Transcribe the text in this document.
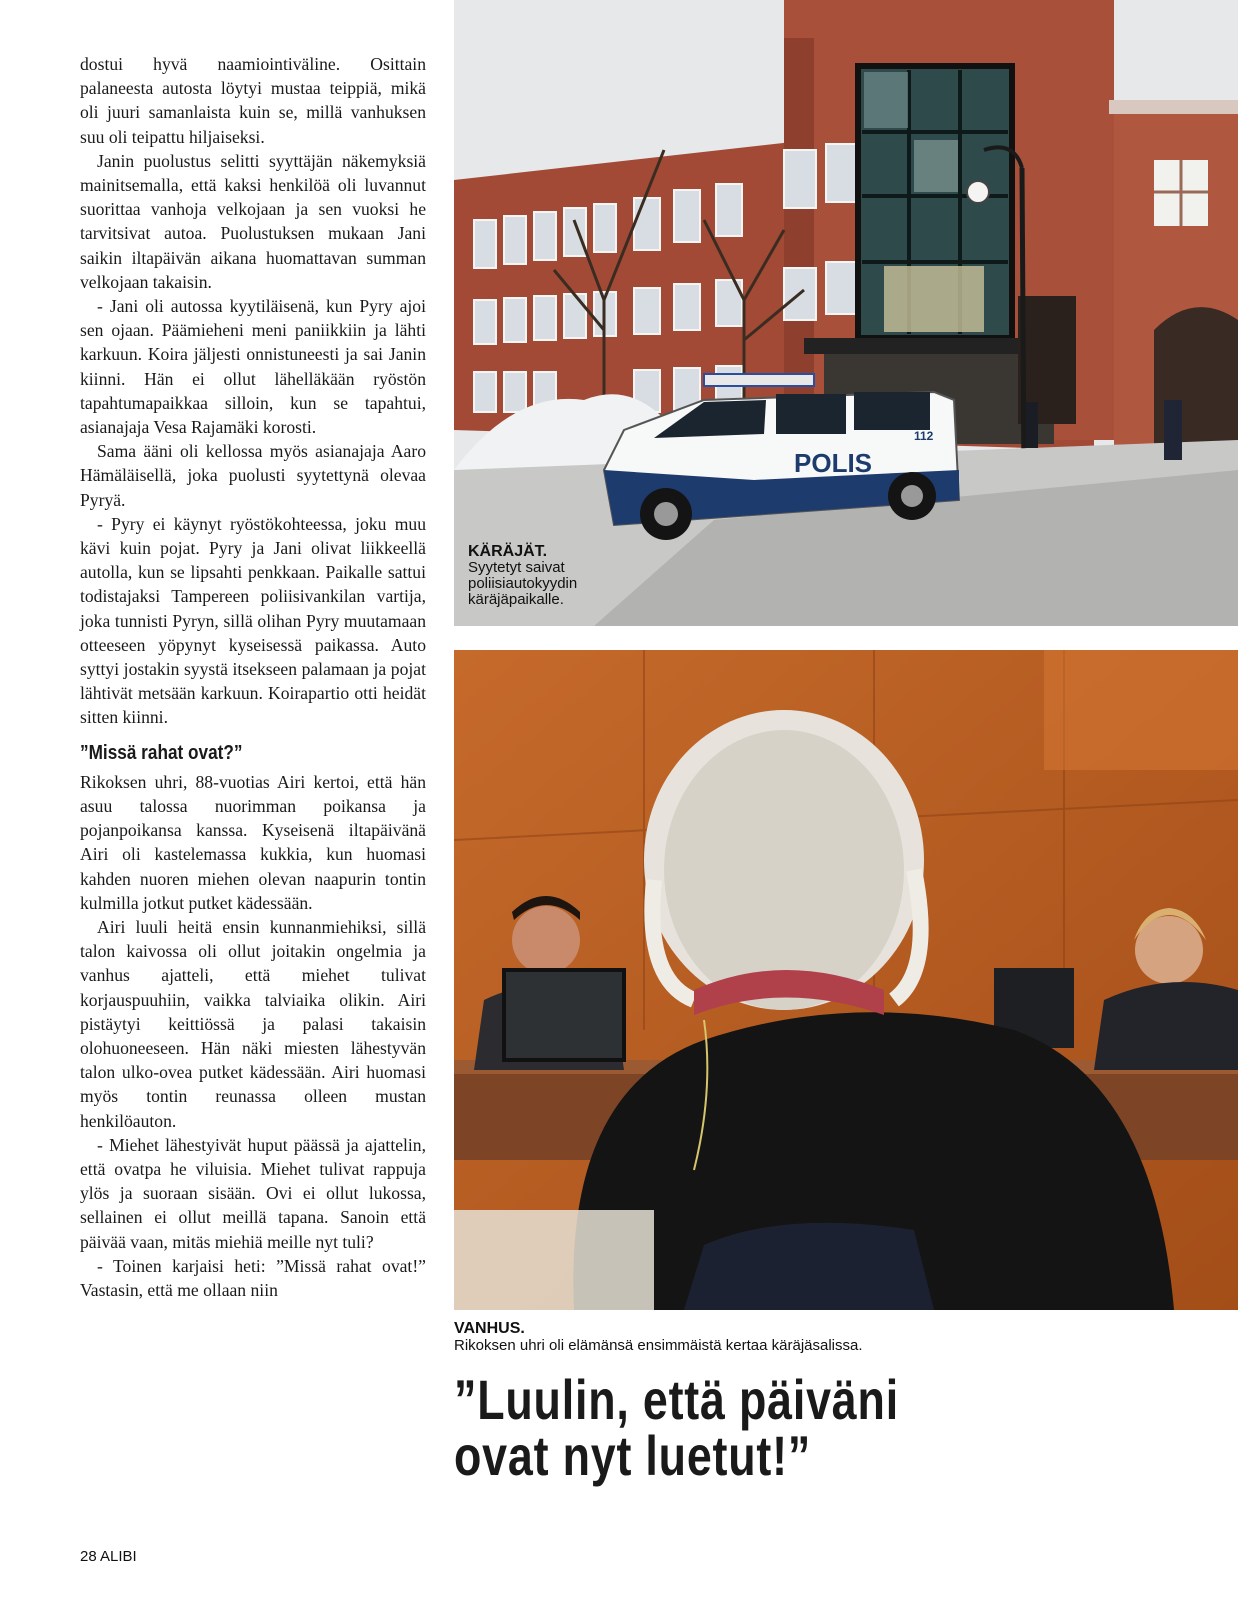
dostui hyvä naamiointiväline. Osittain palaneesta autosta löytyi mustaa teippiä, mikä oli juuri samanlaista kuin se, millä vanhuksen suu oli teipattu hiljaiseksi.

Janin puolustus selitti syyttäjän näkemyksiä mainitsemalla, että kaksi henkilöä oli luvannut suorittaa vanhoja velkojaan ja sen vuoksi he tarvitsivat autoa. Puolustuksen mukaan Jani saikin iltapäivän aikana huomattavan summan velkojaan takaisin.

- Jani oli autossa kyytiläisenä, kun Pyry ajoi sen ojaan. Päämieheni meni paniikkiin ja lähti karkuun. Koira jäljesti onnistuneesti ja sai Janin kiinni. Hän ei ollut lähelläkään ryöstön tapahtumapaikkaa silloin, kun se tapahtui, asianajaja Vesa Rajamäki korosti.

Sama ääni oli kellossa myös asianajaja Aaro Hämäläisellä, joka puolusti syytettynä olevaa Pyryä.

- Pyry ei käynyt ryöstökohteessa, joku muu kävi kuin pojat. Pyry ja Jani olivat liikkeellä autolla, kun se lipsahti penkkaan. Paikalle sattui todistajaksi Tampereen poliisivankilan vartija, joka tunnisti Pyryn, sillä olihan Pyry muutamaan otteeseen yöpynyt kyseisessä paikassa. Auto syttyi jostakin syystä itsekseen palamaan ja pojat lähtivät metsään karkuun. Koirapartio otti heidät sitten kiinni.

”Missä rahat ovat?”

Rikoksen uhri, 88-vuotias Airi kertoi, että hän asuu talossa nuorimman poikansa ja pojanpoikansa kanssa. Kyseisenä iltapäivänä Airi oli kastelemassa kukkia, kun huomasi kahden nuoren miehen olevan naapurin tontin kulmilla jotkut putket kädessään.

Airi luuli heitä ensin kunnanmiehiksi, sillä talon kaivossa oli ollut joitakin ongelmia ja vanhus ajatteli, että miehet tulivat korjauspuuhiin, vaikka talviaika olikin. Airi pistäytyi keittiössä ja palasi takaisin olohuoneeseen. Hän näki miesten lähestyvän talon ulko-ovea putket kädessään. Airi huomasi myös tontin reunassa olleen mustan henkilöauton.

- Miehet lähestyivät huput päässä ja ajattelin, että ovatpa he viluisia. Miehet tulivat rappuja ylös ja suoraan sisään. Ovi ei ollut lukossa, sellainen ei ollut meillä tapana. Sanoin että päivää vaan, mitäs miehiä meille nyt tuli?

- Toinen karjaisi heti: ”Missä rahat ovat!” Vastasin, että me ollaan niin

POLIS
112
KÄRÄJÄT.
Syytetyt saivat poliisiautokyydin käräjäpaikalle.
VANHUS.
Rikoksen uhri oli elämänsä ensimmäistä kertaa käräjäsalissa.
”Luulin, että päiväni
ovat nyt luetut!”
28 ALIBI
